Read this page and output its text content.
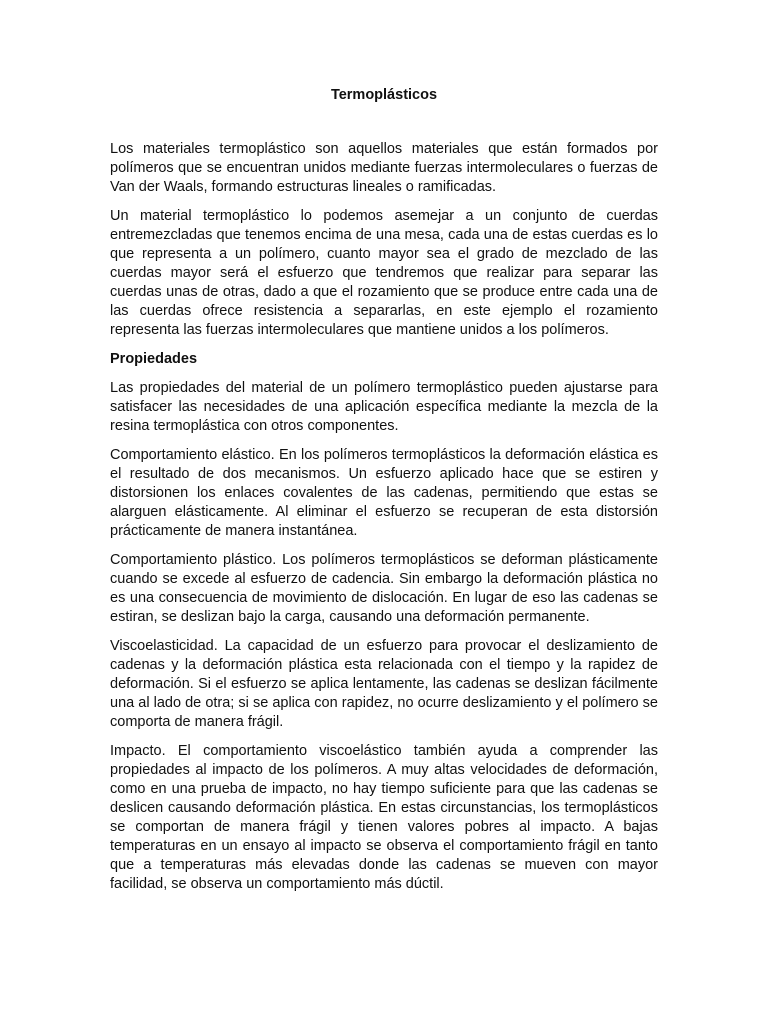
Termoplásticos

Los materiales termoplástico son aquellos materiales que están formados por polímeros que se encuentran unidos mediante fuerzas intermoleculares o fuerzas de Van der Waals, formando estructuras lineales o ramificadas.

Un material termoplástico lo podemos asemejar a un conjunto de cuerdas entremezcladas que tenemos encima de una mesa, cada una de estas cuerdas es lo que representa a un polímero, cuanto mayor sea el grado de mezclado de las cuerdas mayor será el esfuerzo que tendremos que realizar para separar las cuerdas unas de otras, dado a que el rozamiento que se produce entre cada una de las cuerdas ofrece resistencia a separarlas, en este ejemplo el rozamiento representa las fuerzas intermoleculares que mantiene unidos a los polímeros.

Propiedades

Las propiedades del material de un polímero termoplástico pueden ajustarse para satisfacer las necesidades de una aplicación específica mediante la mezcla de la resina termoplástica con otros componentes.

Comportamiento elástico. En los polímeros termoplásticos la deformación elástica es el resultado de dos mecanismos. Un esfuerzo aplicado hace que se estiren y distorsionen los enlaces covalentes de las cadenas, permitiendo que estas se alarguen elásticamente. Al eliminar el esfuerzo se recuperan de esta distorsión prácticamente de manera instantánea.

Comportamiento plástico. Los polímeros termoplásticos se deforman plásticamente cuando se excede al esfuerzo de cadencia. Sin embargo la deformación plástica no es una consecuencia de movimiento de dislocación. En lugar de eso las cadenas se estiran, se deslizan bajo la carga, causando una deformación permanente.

Viscoelasticidad. La capacidad de un esfuerzo para provocar el deslizamiento de cadenas y la deformación plástica esta relacionada con el tiempo y la rapidez de deformación. Si el esfuerzo se aplica lentamente, las cadenas se deslizan fácilmente una al lado de otra; si se aplica con rapidez, no ocurre deslizamiento y el polímero se comporta de manera frágil.

Impacto. El comportamiento viscoelástico también ayuda a comprender las propiedades al impacto de los polímeros. A muy altas velocidades de deformación, como en una prueba de impacto, no hay tiempo suficiente para que las cadenas se deslicen causando deformación plástica. En estas circunstancias, los termoplásticos se comportan de manera frágil y tienen valores pobres al impacto. A bajas temperaturas en un ensayo al impacto se observa el comportamiento frágil en tanto que a temperaturas más elevadas donde las cadenas se mueven con mayor facilidad, se observa un comportamiento más dúctil.
